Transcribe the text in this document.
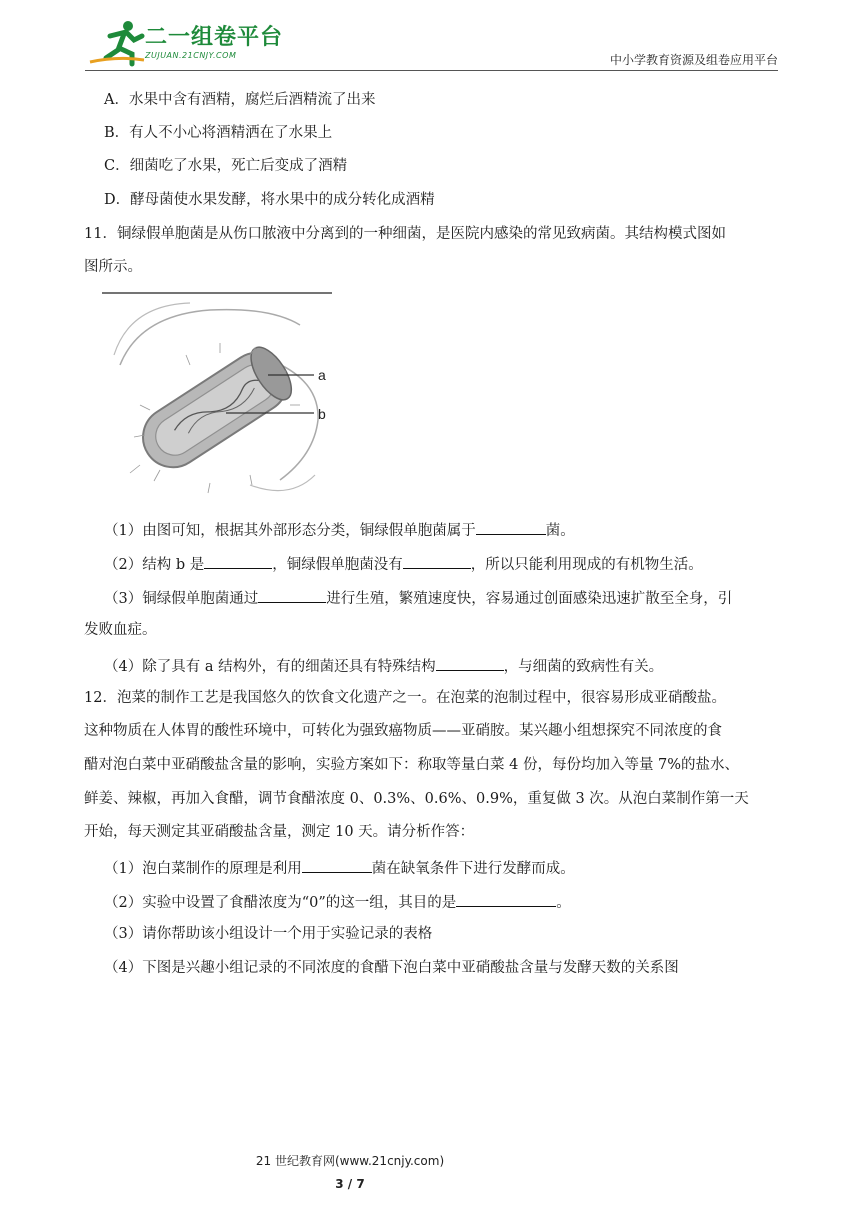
二一组卷平台
ZUJUAN.21CNJY.COM	中小学教育资源及组卷应用平台
A．水果中含有酒精，腐烂后酒精流了出来
B．有人不小心将酒精洒在了水果上
C．细菌吃了水果，死亡后变成了酒精
D．酵母菌使水果发酵，将水果中的成分转化成酒精
11．铜绿假单胞菌是从伤口脓液中分离到的一种细菌，是医院内感染的常见致病菌。其结构模式图如
图所示。
a
b
（1）由图可知，根据其外部形态分类，铜绿假单胞菌属于	菌。
（2）结构 b 是	，铜绿假单胞菌没有	，所以只能利用现成的有机物生活。
（3）铜绿假单胞菌通过	进行生殖，繁殖速度快，容易通过创面感染迅速扩散至全身，引
发败血症。
（4）除了具有 a 结构外，有的细菌还具有特殊结构	，与细菌的致病性有关。
12．泡菜的制作工艺是我国悠久的饮食文化遗产之一。在泡菜的泡制过程中，很容易形成亚硝酸盐。
这种物质在人体胃的酸性环境中，可转化为强致癌物质——亚硝胺。某兴趣小组想探究不同浓度的食
醋对泡白菜中亚硝酸盐含量的影响，实验方案如下：称取等量白菜 4 份，每份均加入等量 7%的盐水、
鲜姜、辣椒，再加入食醋，调节食醋浓度 0、0.3%、0.6%、0.9%，重复做 3 次。从泡白菜制作第一天
开始，每天测定其亚硝酸盐含量，测定 10 天。请分析作答：
（1）泡白菜制作的原理是利用	菌在缺氧条件下进行发酵而成。
（2）实验中设置了食醋浓度为“0”的这一组，其目的是	。
（3）请你帮助该小组设计一个用于实验记录的表格
（4）下图是兴趣小组记录的不同浓度的食醋下泡白菜中亚硝酸盐含量与发酵天数的关系图
21 世纪教育网(www.21cnjy.com)
3 / 7
